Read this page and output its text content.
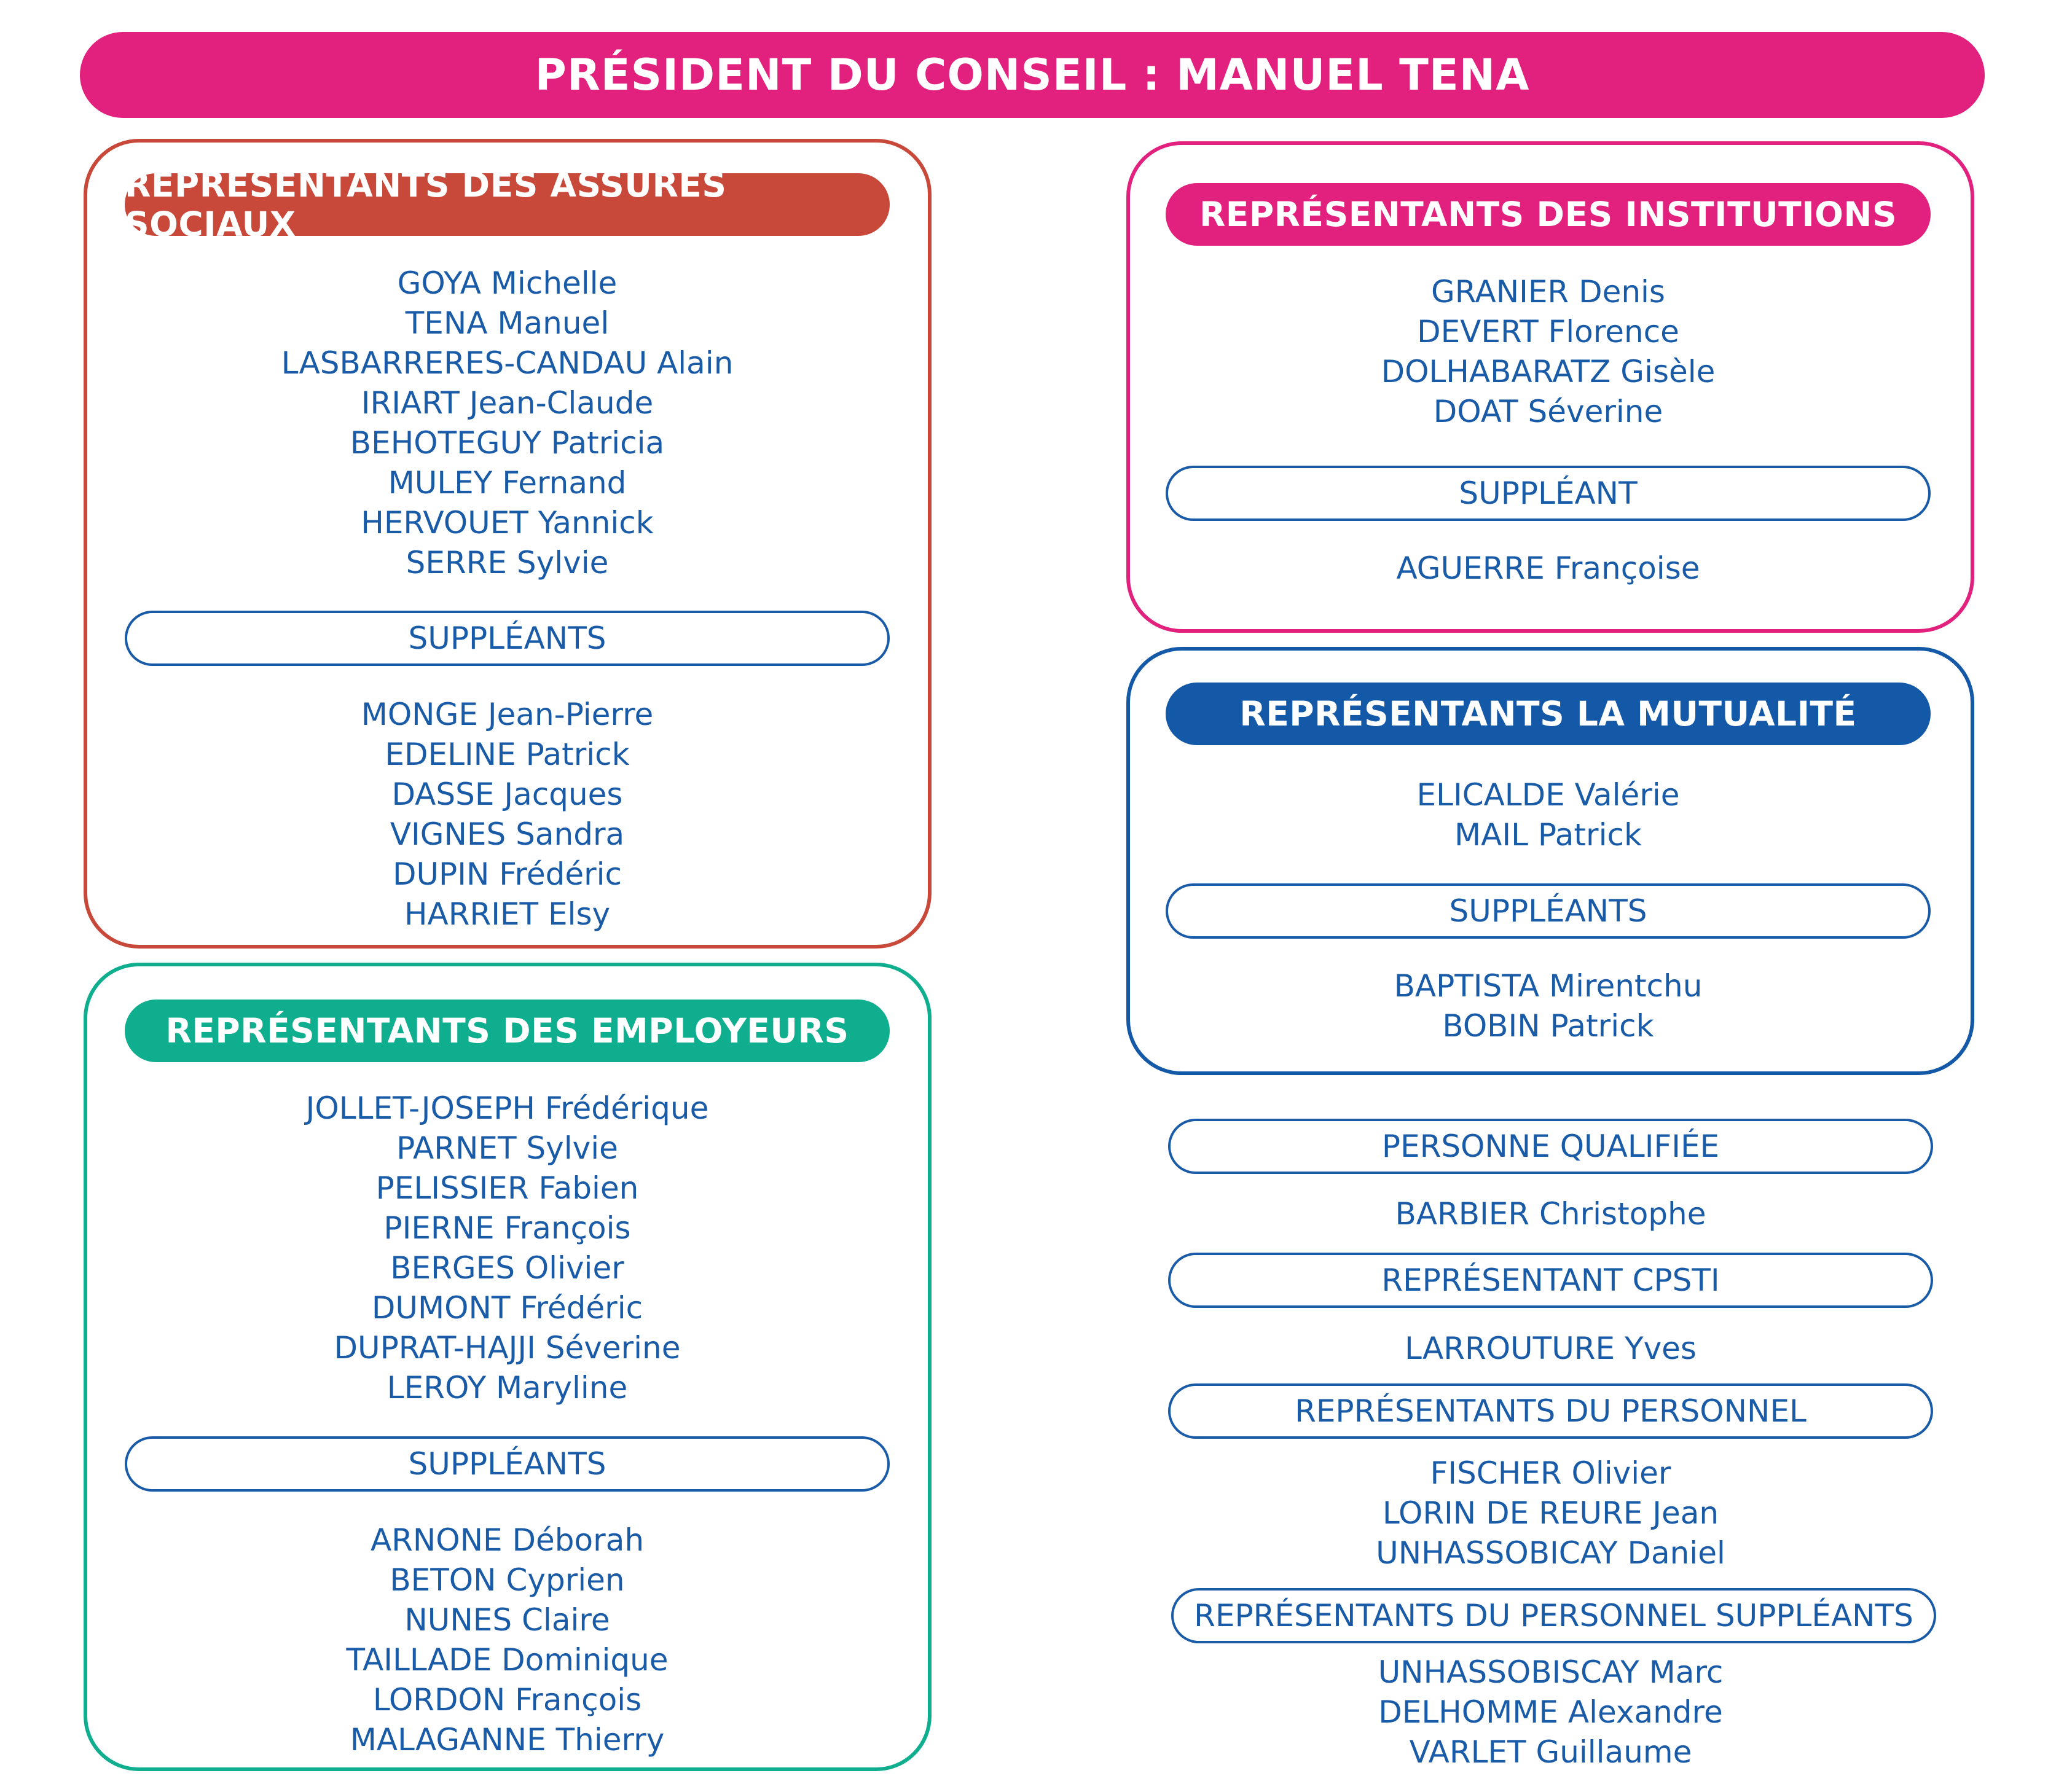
PRÉSIDENT DU CONSEIL : MANUEL TENA
REPRÉSENTANTS DES ASSURÉS SOCIAUX
GOYA Michelle
TENA Manuel
LASBARRERES-CANDAU Alain
IRIART Jean-Claude
BEHOTEGUY Patricia
MULEY Fernand
HERVOUET Yannick
SERRE Sylvie
SUPPLÉANTS
MONGE Jean-Pierre
EDELINE Patrick
DASSE Jacques
VIGNES Sandra
DUPIN Frédéric
HARRIET Elsy
REPRÉSENTANTS DES EMPLOYEURS
JOLLET-JOSEPH Frédérique
PARNET Sylvie
PELISSIER Fabien
PIERNE François
BERGES Olivier
DUMONT Frédéric
DUPRAT-HAJJI Séverine
LEROY Maryline
SUPPLÉANTS
ARNONE Déborah
BETON Cyprien
NUNES Claire
TAILLADE Dominique
LORDON François
MALAGANNE Thierry
REPRÉSENTANTS DES INSTITUTIONS
GRANIER Denis
DEVERT Florence
DOLHABARATZ Gisèle
DOAT Séverine
SUPPLÉANT
AGUERRE Françoise
REPRÉSENTANTS LA MUTUALITÉ
ELICALDE Valérie
MAIL Patrick
SUPPLÉANTS
BAPTISTA Mirentchu
BOBIN Patrick
PERSONNE QUALIFIÉE
BARBIER Christophe
REPRÉSENTANT CPSTI
LARROUTURE Yves
REPRÉSENTANTS DU PERSONNEL
FISCHER Olivier
LORIN DE REURE Jean
UNHASSOBICAY Daniel
REPRÉSENTANTS DU PERSONNEL SUPPLÉANTS
UNHASSOBISCAY Marc
DELHOMME Alexandre
VARLET Guillaume
